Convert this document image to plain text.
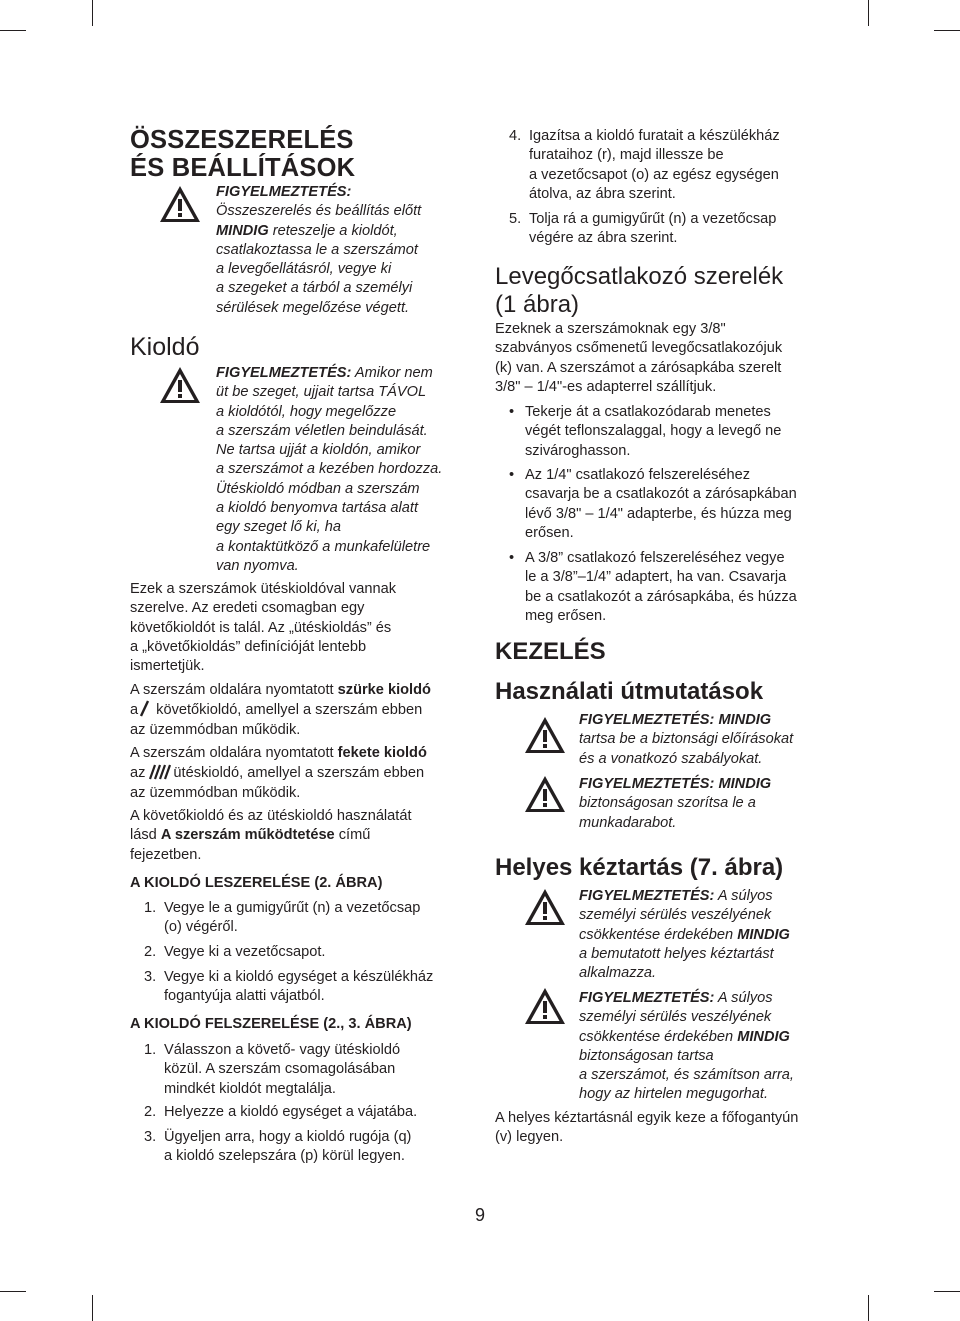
ÖSSZESZERELÉS
ÉS BEÁLLÍTÁSOK
FIGYELMEZTETÉS:
Összeszerelés és beállítás előtt
MINDIG reteszelje a kioldót,
csatlakoztassa le a szerszámot
a levegőellátásról, vegye ki
a szegeket a tárból a személyi
sérülések megelőzése végett.
Kioldó
FIGYELMEZTETÉS: Amikor nem
üt be szeget, ujjait tartsa TÁVOL
a kioldótól, hogy megelőzze
a szerszám véletlen beindulását.
Ne tartsa ujját a kioldón, amikor
a szerszámot a kezében hordozza.
Ütéskioldó módban a szerszám
a kioldó benyomva tartása alatt
egy szeget lő ki, ha
a kontaktütköző a munkafelületre
van nyomva.
Ezek a szerszámok ütéskioldóval vannak
szerelve. Az eredeti csomagban egy
követőkioldót is talál. Az „ütéskioldás” és
a „követőkioldás” definícióját lentebb
ismertetjük.
A szerszám oldalára nyomtatott szürke kioldó
a követőkioldó, amellyel a szerszám ebben
az üzemmódban működik.
A szerszám oldalára nyomtatott fekete kioldó
az ütéskioldó, amellyel a szerszám ebben
az üzemmódban működik.
A követőkioldó és az ütéskioldó használatát
lásd A szerszám működtetése című
fejezetben.
A KIOLDÓ LESZERELÉSE (2. ÁBRA)
1. Vegye le a gumigyűrűt (n) a vezetőcsap
(o) végéről.
2. Vegye ki a vezetőcsapot.
3. Vegye ki a kioldó egységet a készülékház
fogantyúja alatti vájatból.
A KIOLDÓ FELSZERELÉSE (2., 3. ÁBRA)
1. Válasszon a követő- vagy ütéskioldó
közül. A szerszám csomagolásában
mindkét kioldót megtalálja.
2. Helyezze a kioldó egységet a vájatába.
3. Ügyeljen arra, hogy a kioldó rugója (q)
a kioldó szelepszára (p) körül legyen.
4. Igazítsa a kioldó furatait a készülékház
furataihoz (r), majd illessze be
a vezetőcsapot (o) az egész egységen
átolva, az ábra szerint.
5. Tolja rá a gumigyűrűt (n) a vezetőcsap
végére az ábra szerint.
Levegőcsatlakozó szerelék
(1 ábra)
Ezeknek a szerszámoknak egy 3/8"
szabványos csőmenetű levegőcsatlakozójuk
(k) van. A szerszámot a zárósapkába szerelt
3/8" – 1/4"-es adapterrel szállítjuk.
• Tekerje át a csatlakozódarab menetes
végét teflonszalaggal, hogy a levegő ne
szivároghasson.
• Az 1/4" csatlakozó felszereléséhez
csavarja be a csatlakozót a zárósapkában
lévő 3/8" – 1/4" adapterbe, és húzza meg
erősen.
• A 3/8” csatlakozó felszereléséhez vegye
le a 3/8”–1/4” adaptert, ha van. Csavarja
be a csatlakozót a zárósapkába, és húzza
meg erősen.
KEZELÉS
Használati útmutatások
FIGYELMEZTETÉS: MINDIG
tartsa be a biztonsági előírásokat
és a vonatkozó szabályokat.
FIGYELMEZTETÉS: MINDIG
biztonságosan szorítsa le a
munkadarabot.
Helyes kéztartás (7. ábra)
FIGYELMEZTETÉS: A súlyos
személyi sérülés veszélyének
csökkentése érdekében MINDIG
a bemutatott helyes kéztartást
alkalmazza.
FIGYELMEZTETÉS: A súlyos
személyi sérülés veszélyének
csökkentése érdekében MINDIG
biztonságosan tartsa
a szerszámot, és számítson arra,
hogy az hirtelen megugorhat.
A helyes kéztartásnál egyik keze a főfogantyún
(v) legyen.
9
